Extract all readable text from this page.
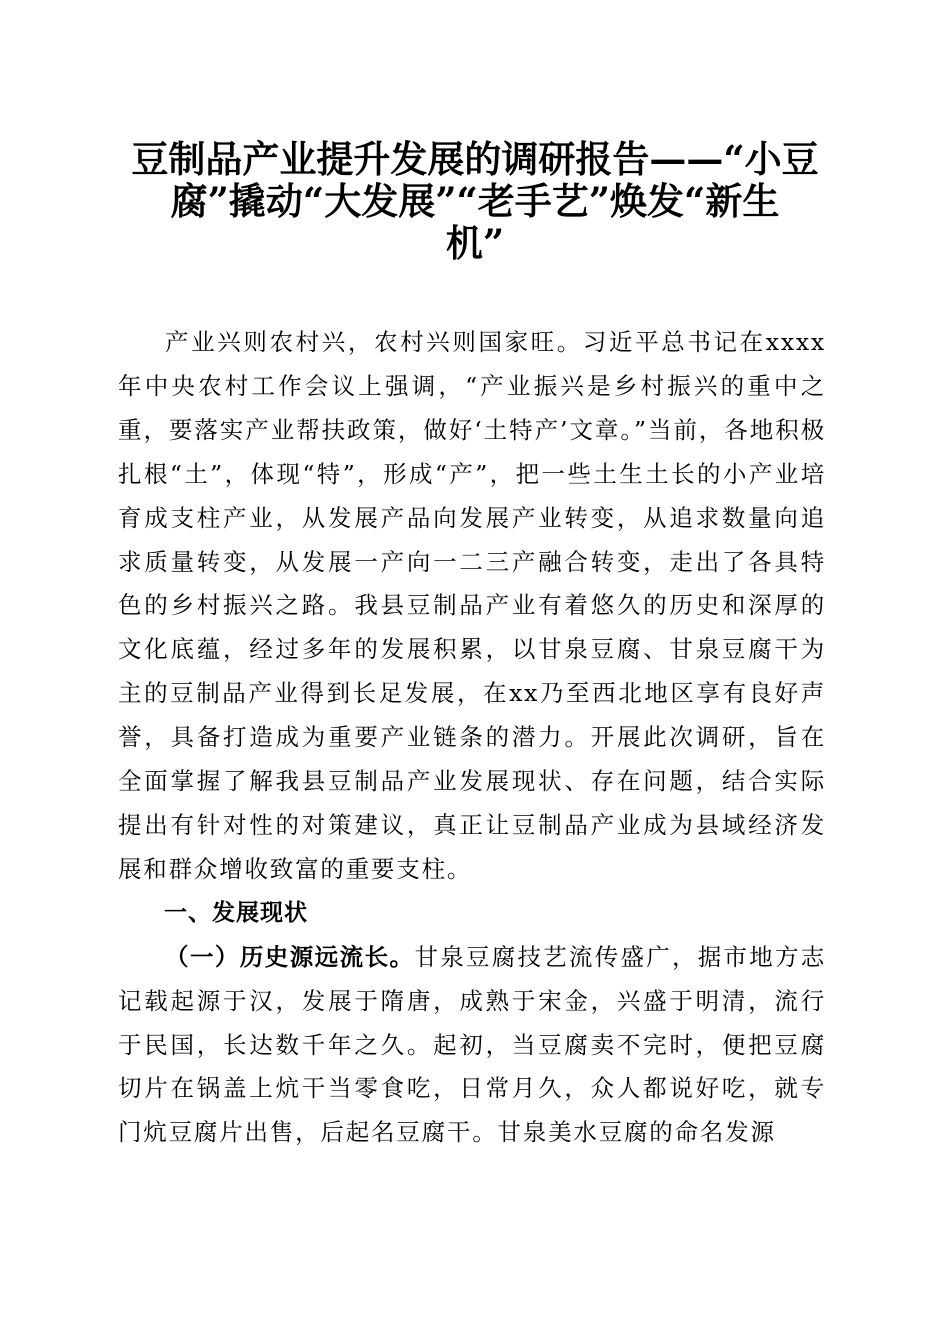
豆制品产业提升发展的调研报告——“小豆
腐”撬动“大发展”“老手艺”焕发“新生
机”

产业兴则农村兴，农村兴则国家旺。习近平总书记在xxxx年中央农村工作会议上强调，“产业振兴是乡村振兴的重中之重，要落实产业帮扶政策，做好‘土特产’文章。”当前，各地积极扎根“土”，体现“特”，形成“产”，把一些土生土长的小产业培育成支柱产业，从发展产品向发展产业转变，从追求数量向追求质量转变，从发展一产向一二三产融合转变，走出了各具特色的乡村振兴之路。我县豆制品产业有着悠久的历史和深厚的文化底蕴，经过多年的发展积累，以甘泉豆腐、甘泉豆腐干为主的豆制品产业得到长足发展，在xx乃至西北地区享有良好声誉，具备打造成为重要产业链条的潜力。开展此次调研，旨在全面掌握了解我县豆制品产业发展现状、存在问题，结合实际提出有针对性的对策建议，真正让豆制品产业成为县域经济发展和群众增收致富的重要支柱。

一、发展现状

（一）历史源远流长。甘泉豆腐技艺流传盛广，据市地方志记载起源于汉，发展于隋唐，成熟于宋金，兴盛于明清，流行于民国，长达数千年之久。起初，当豆腐卖不完时，便把豆腐切片在锅盖上炕干当零食吃，日常月久，众人都说好吃，就专门炕豆腐片出售，后起名豆腐干。甘泉美水豆腐的命名发源
